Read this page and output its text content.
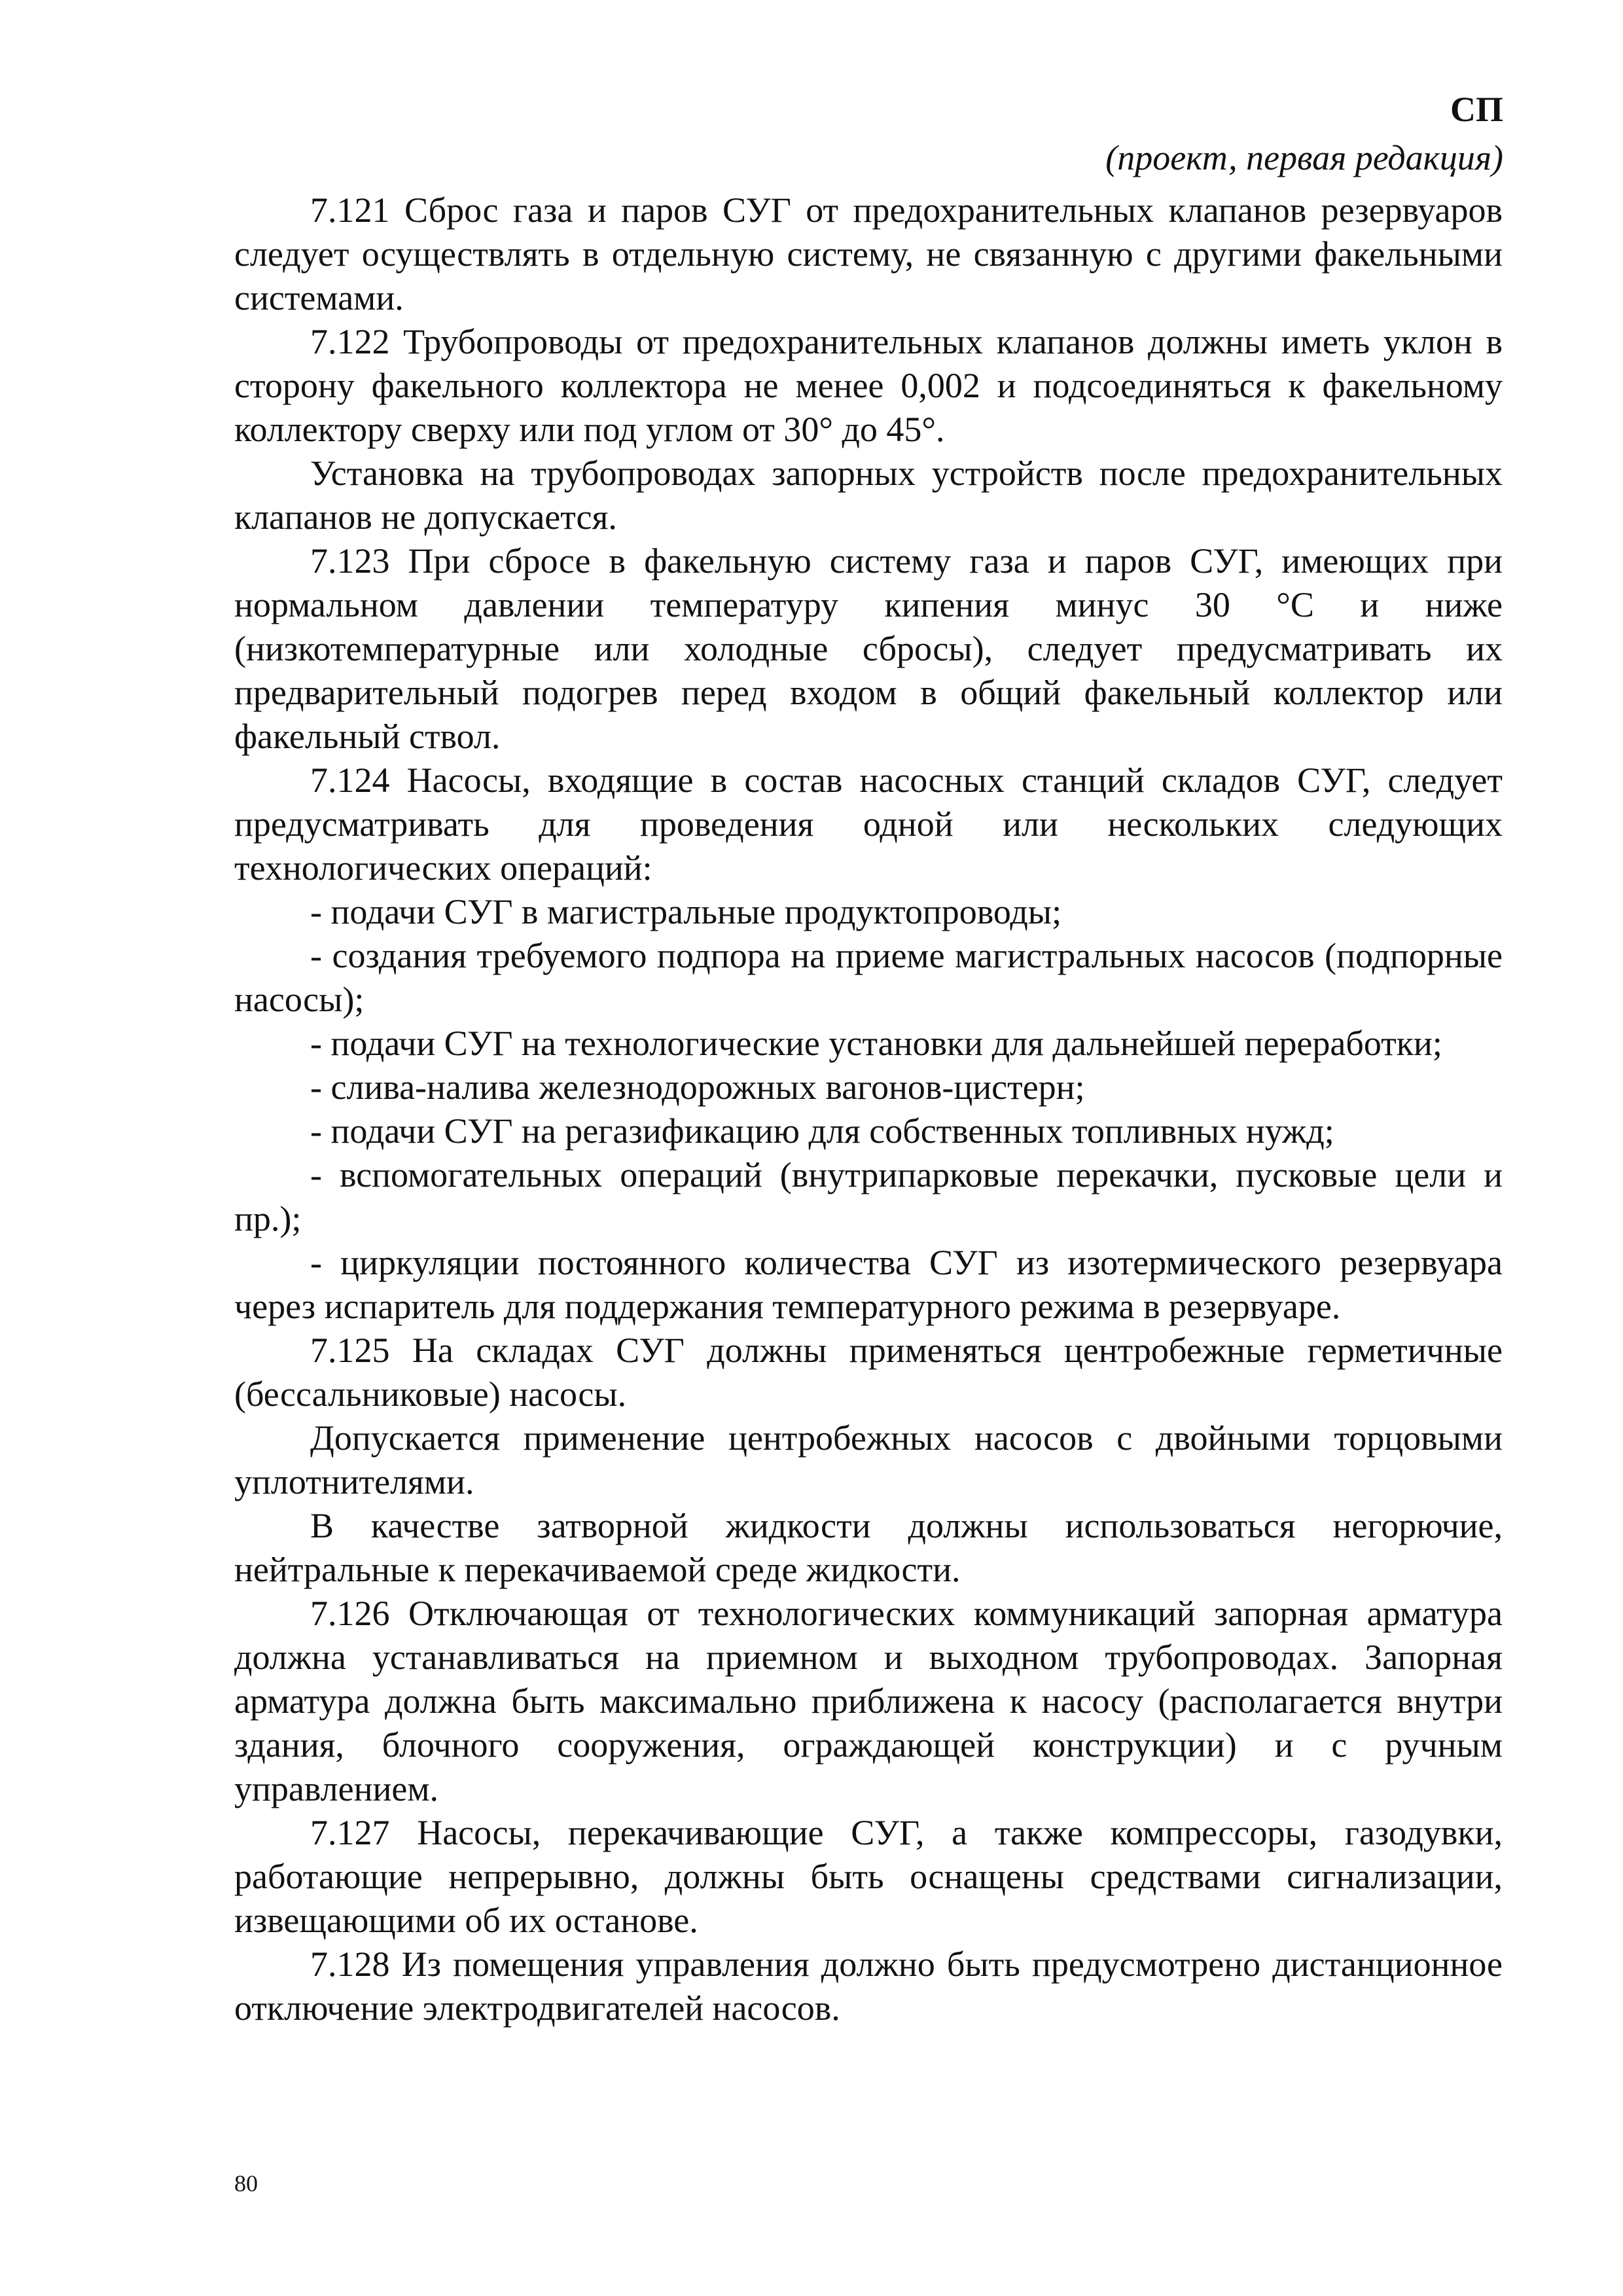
СП
(проект, первая редакция)

7.121 Сброс газа и паров СУГ от предохранительных клапанов резервуаров следует осуществлять в отдельную систему, не связанную с другими факельными системами.

7.122 Трубопроводы от предохранительных клапанов должны иметь уклон в сторону факельного коллектора не менее 0,002 и подсоединяться к факельному коллектору сверху или под углом от 30° до 45°.

Установка на трубопроводах запорных устройств после предохранительных клапанов не допускается.

7.123 При сбросе в факельную систему газа и паров СУГ, имеющих при нормальном давлении температуру кипения минус 30 °С и ниже (низкотемпературные или холодные сбросы), следует предусматривать их предварительный подогрев перед входом в общий факельный коллектор или факельный ствол.

7.124 Насосы, входящие в состав насосных станций складов СУГ, следует предусматривать для проведения одной или нескольких следующих технологических операций:

- подачи СУГ в магистральные продуктопроводы;

- создания требуемого подпора на приеме магистральных насосов (подпорные насосы);

- подачи СУГ на технологические установки для дальнейшей переработки;

- слива-налива железнодорожных вагонов-цистерн;

- подачи СУГ на регазификацию для собственных топливных нужд;

- вспомогательных операций (внутрипарковые перекачки, пусковые цели и пр.);

- циркуляции постоянного количества СУГ из изотермического резервуара через испаритель для поддержания температурного режима в резервуаре.

7.125 На складах СУГ должны применяться центробежные герметичные (бессальниковые) насосы.

Допускается применение центробежных насосов с двойными торцовыми уплотнителями.

В качестве затворной жидкости должны использоваться негорючие, нейтральные к перекачиваемой среде жидкости.

7.126 Отключающая от технологических коммуникаций запорная арматура должна устанавливаться на приемном и выходном трубопроводах. Запорная арматура должна быть максимально приближена к насосу (располагается внутри здания, блочного сооружения, ограждающей конструкции) и с ручным управлением.

7.127 Насосы, перекачивающие СУГ, а также компрессоры, газодувки, работающие непрерывно, должны быть оснащены средствами сигнализации, извещающими об их останове.

7.128 Из помещения управления должно быть предусмотрено дистанционное отключение электродвигателей насосов.

80
